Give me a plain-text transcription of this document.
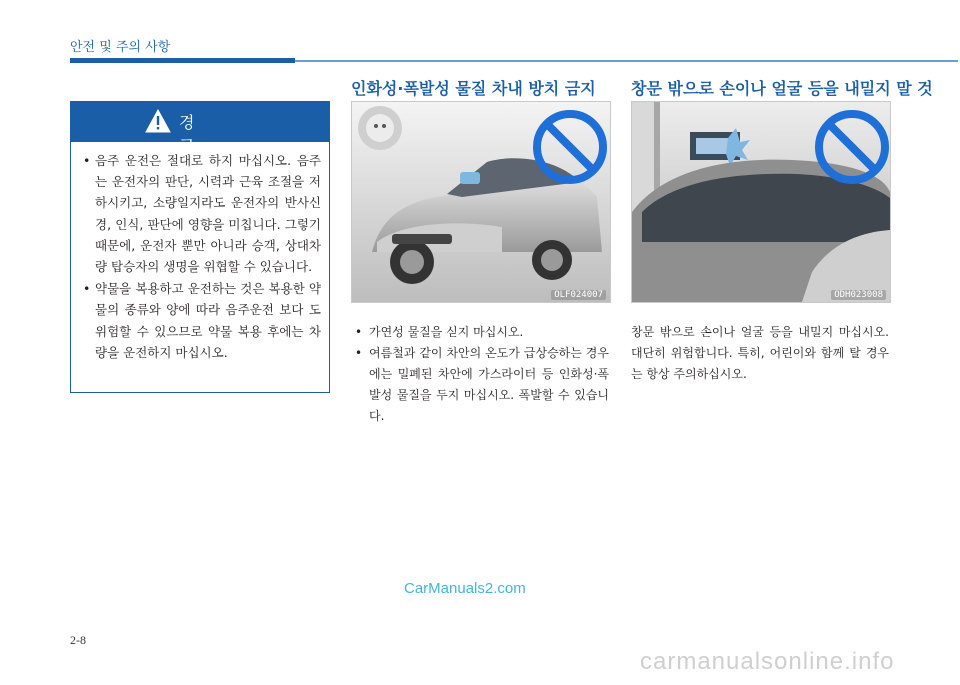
안전 및 주의 사항
경 고
• 음주 운전은 절대로 하지 마십시오. 음주는 운전자의 판단, 시력과 근육 조절을 저하시키고, 소량일지라도 운전자의 반사신경, 인식, 판단에 영향을 미칩니다. 그렇기 때문에, 운전자 뿐만 아니라 승객, 상대차량 탑승자의 생명을 위협할 수 있습니다.
• 약물을 복용하고 운전하는 것은 복용한 약물의 종류와 양에 따라 음주운전 보다 도 위험할 수 있으므로 약물 복용 후에는 차량을 운전하지 마십시오.
인화성·폭발성 물질 차내 방치 금지
OLF024007
• 가연성 물질을 싣지 마십시오.
• 여름철과 같이 차안의 온도가 급상승하는 경우에는 밀폐된 차안에 가스라이터 등 인화성·폭발성 물질을 두지 마십시오. 폭발할 수 있습니다.
창문 밖으로 손이나 얼굴 등을 내밀지 말 것
ODH023008

창문 밖으로 손이나 얼굴 등을 내밀지 마십시오. 대단히 위험합니다. 특히, 어린이와 함께 탈 경우는 항상 주의하십시오.

CarManuals2.com
2-8
carmanualsonline.info
